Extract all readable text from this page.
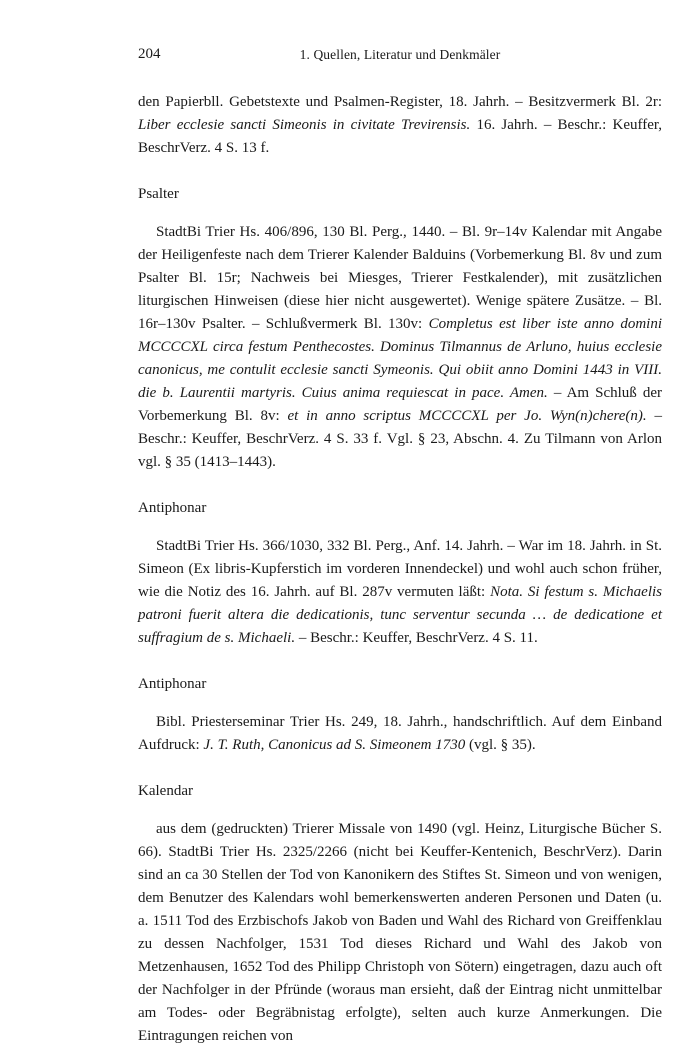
204	1. Quellen, Literatur und Denkmäler

den Papierbll. Gebetstexte und Psalmen-Register, 18. Jahrh. – Besitzvermerk Bl. 2r: Liber ecclesie sancti Simeonis in civitate Trevirensis. 16. Jahrh. – Beschr.: Keuffer, BeschrVerz. 4 S. 13 f.

Psalter

StadtBi Trier Hs. 406/896, 130 Bl. Perg., 1440. – Bl. 9r–14v Kalendar mit Angabe der Heiligenfeste nach dem Trierer Kalender Balduins (Vorbemerkung Bl. 8v und zum Psalter Bl. 15r; Nachweis bei Miesges, Trierer Festkalender), mit zusätzlichen liturgischen Hinweisen (diese hier nicht ausgewertet). Wenige spätere Zusätze. – Bl. 16r–130v Psalter. – Schlußvermerk Bl. 130v: Completus est liber iste anno domini MCCCCXL circa festum Penthecostes. Dominus Tilmannus de Arluno, huius ecclesie canonicus, me contulit ecclesie sancti Symeonis. Qui obiit anno Domini 1443 in VIII. die b. Laurentii martyris. Cuius anima requiescat in pace. Amen. – Am Schluß der Vorbemerkung Bl. 8v: et in anno scriptus MCCCCXL per Jo. Wyn(n)chere(n). – Beschr.: Keuffer, BeschrVerz. 4 S. 33 f. Vgl. § 23, Abschn. 4. Zu Tilmann von Arlon vgl. § 35 (1413–1443).

Antiphonar

StadtBi Trier Hs. 366/1030, 332 Bl. Perg., Anf. 14. Jahrh. – War im 18. Jahrh. in St. Simeon (Ex libris-Kupferstich im vorderen Innendeckel) und wohl auch schon früher, wie die Notiz des 16. Jahrh. auf Bl. 287v vermuten läßt: Nota. Si festum s. Michaelis patroni fuerit altera die dedicationis, tunc serventur secunda … de dedicatione et suffragium de s. Michaeli. – Beschr.: Keuffer, BeschrVerz. 4 S. 11.

Antiphonar

Bibl. Priesterseminar Trier Hs. 249, 18. Jahrh., handschriftlich. Auf dem Einband Aufdruck: J. T. Ruth, Canonicus ad S. Simeonem 1730 (vgl. § 35).

Kalendar

aus dem (gedruckten) Trierer Missale von 1490 (vgl. Heinz, Liturgische Bücher S. 66). StadtBi Trier Hs. 2325/2266 (nicht bei Keuffer-Kentenich, BeschrVerz). Darin sind an ca 30 Stellen der Tod von Kanonikern des Stiftes St. Simeon und von wenigen, dem Benutzer des Kalendars wohl bemerkenswerten anderen Personen und Daten (u. a. 1511 Tod des Erzbischofs Jakob von Baden und Wahl des Richard von Greiffenklau zu dessen Nachfolger, 1531 Tod dieses Richard und Wahl des Jakob von Metzenhausen, 1652 Tod des Philipp Christoph von Sötern) eingetragen, dazu auch oft der Nachfolger in der Pfründe (woraus man ersieht, daß der Eintrag nicht unmittelbar am Todes- oder Begräbnistag erfolgte), selten auch kurze Anmerkungen. Die Eintragungen reichen von
